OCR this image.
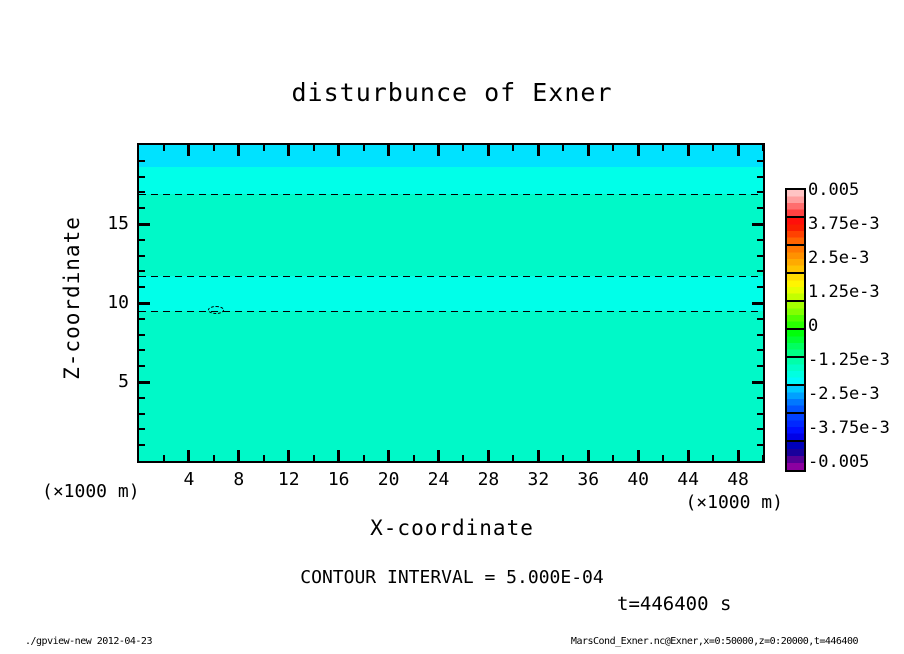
disturbunce of Exner
Z-coordinate
X-coordinate
(×1000 m)
(×1000 m)
CONTOUR INTERVAL = 5.000E-04
t=446400 s
./gpview-new 2012-04-23	MarsCond_Exner.nc@Exner,x=0:50000,z=0:20000,t=446400
4	8	12	16	20	24	28	32	36	40	44	48
5
10
15
0.005
3.75e-3
2.5e-3
1.25e-3
0
-1.25e-3
-2.5e-3
-3.75e-3
-0.005
